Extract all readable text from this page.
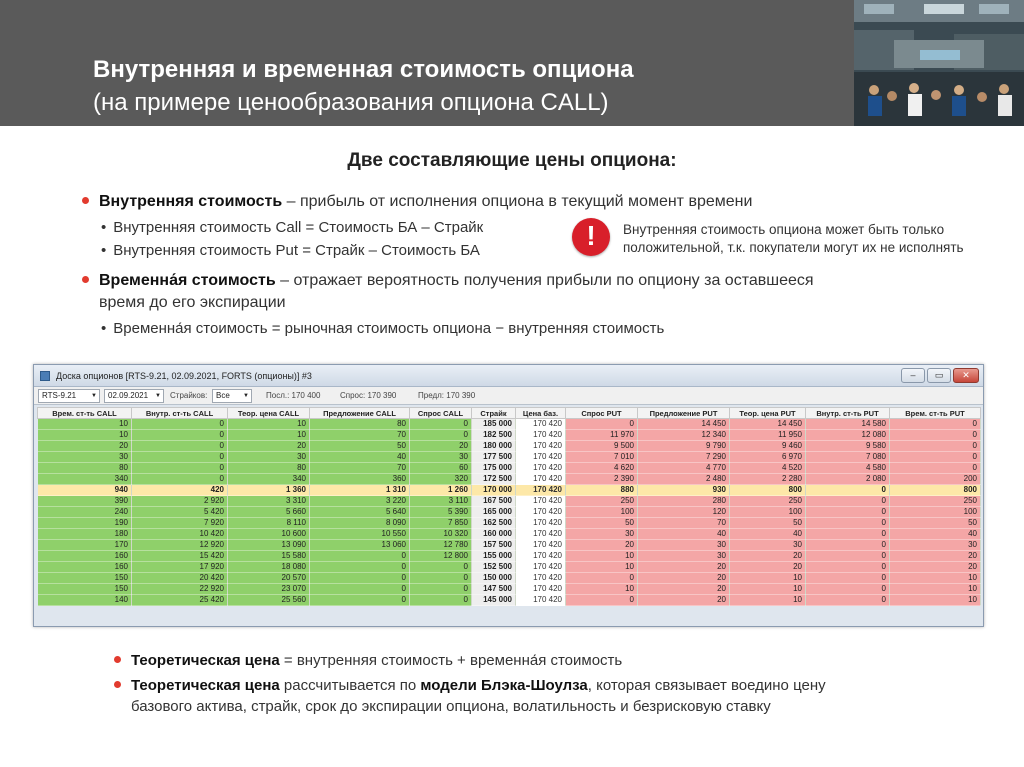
Внутренняя и временная стоимость опциона
(на примере ценообразования опциона CALL)
Две составляющие цены опциона:
Внутренняя стоимость – прибыль от исполнения опциона в текущий момент времени
• Внутренняя стоимость Call = Стоимость БА – Страйк
• Внутренняя стоимость Put = Страйк – Стоимость БА	!	Внутренняя стоимость опциона может быть только
положительной, т.к. покупатели могут их не исполнять
Временна́я стоимость – отражает вероятность получения прибыли по опциону за оставшееся
время до его экспирации
• Временна́я стоимость = рыночная стоимость опциона − внутренняя стоимость
Доска опционов [RTS-9.21, 02.09.2021, FORTS (опционы)] #3	‒	▭	✕
RTS-9.21 ▼	02.09.2021 ▼ Страйков:	Все ▼ Посл.: 170 400 Спрос: 170 390	Предл: 170 390
Врем. ст-ть CALL	Внутр. ст-ть CALL	Теор. цена CALL	Предложение CALL	Спрос CALL	Страйк	Цена баз.	Спрос PUT	Предложение PUT	Теор. цена PUT	Внутр. ст-ть PUT	Врем. ст-ть PUT
10	0	10	80	0	185 000	170 420	0	14 450	14 450	14 580	0
10	0	10	70	0	182 500	170 420	11 970	12 340	11 950	12 080	0
20	0	20	50	20	180 000	170 420	9 500	9 790	9 460	9 580	0
30	0	30	40	30	177 500	170 420	7 010	7 290	6 970	7 080	0
80	0	80	70	60	175 000	170 420	4 620	4 770	4 520	4 580	0
340	0	340	360	320	172 500	170 420	2 390	2 480	2 280	2 080	200
940	420	1 360	1 310	1 260	170 000	170 420	880	930	800	0	800
390	2 920	3 310	3 220	3 110	167 500	170 420	250	280	250	0	250
240	5 420	5 660	5 640	5 390	165 000	170 420	100	120	100	0	100
190	7 920	8 110	8 090	7 850	162 500	170 420	50	70	50	0	50
180	10 420	10 600	10 550	10 320	160 000	170 420	30	40	40	0	40
170	12 920	13 090	13 060	12 780	157 500	170 420	20	30	30	0	30
160	15 420	15 580	0	12 800	155 000	170 420	10	30	20	0	20
160	17 920	18 080	0	0	152 500	170 420	10	20	20	0	20
150	20 420	20 570	0	0	150 000	170 420	0	20	10	0	10
150	22 920	23 070	0	0	147 500	170 420	10	20	10	0	10
140	25 420	25 560	0	0	145 000	170 420	0	20	10	0	10
Теоретическая цена = внутренняя стоимость + временна́я стоимость
Теоретическая цена рассчитывается по модели Блэка-Шоулза, которая связывает воедино цену
базового актива, страйк, срок до экспирации опциона, волатильность и безрисковую ставку
